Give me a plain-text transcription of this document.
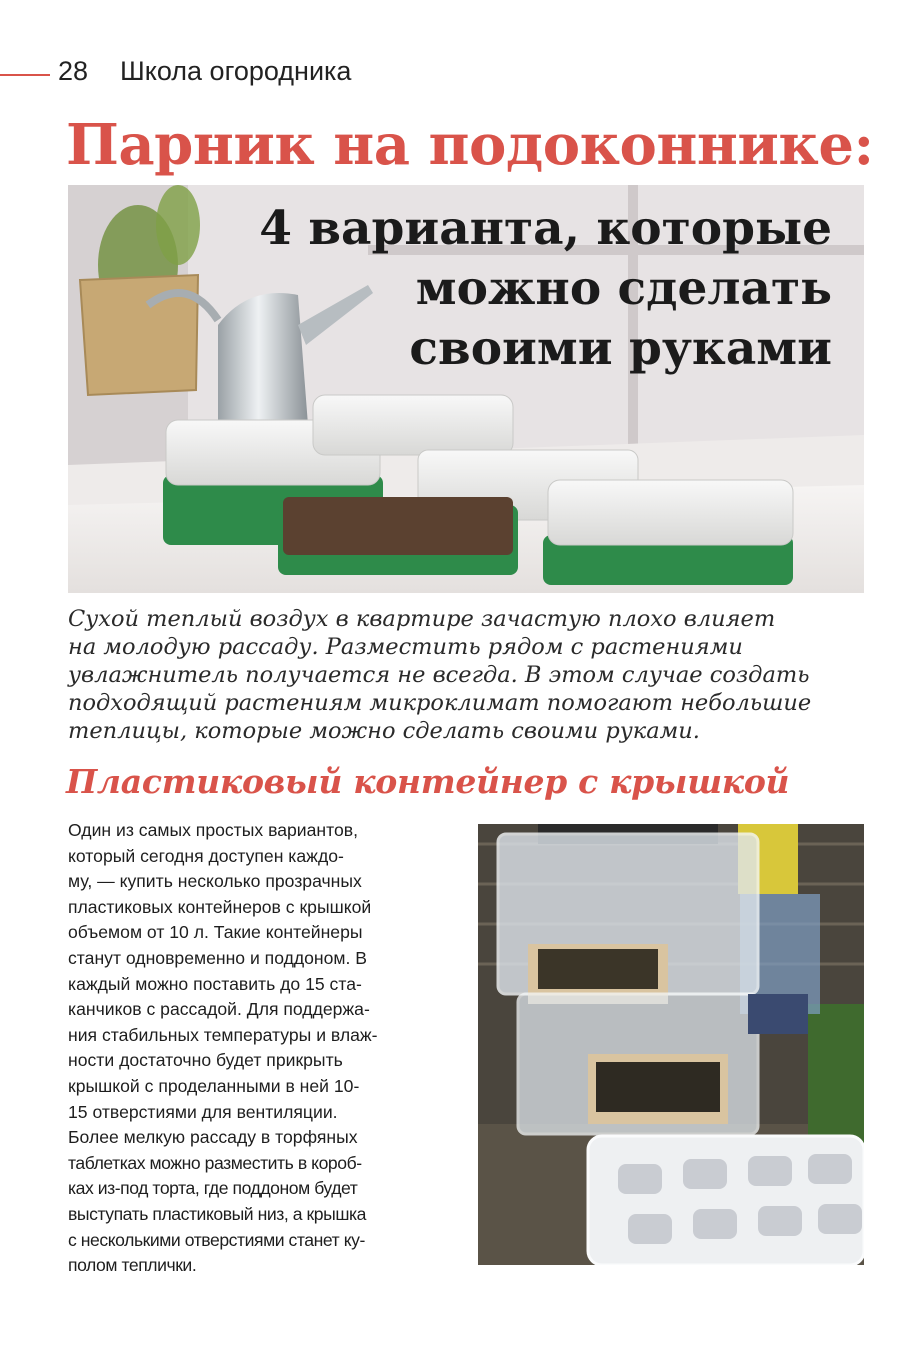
28 Школа огородника
Парник на подоконнике:
4 варианта, которые
можно сделать
своими руками

Сухой теплый воздух в квартире зачастую плохо влияет
на молодую рассаду. Разместить рядом с растениями
увлажнитель получается не всегда. В этом случае создать
подходящий растениям микроклимат помогают небольшие
теплицы, которые можно сделать своими руками.

Пластиковый контейнер с крышкой

Один из самых простых вариантов,
который сегодня доступен каждо-
му, — купить несколько прозрачных
пластиковых контейнеров с крышкой
объемом от 10 л. Такие контейнеры
станут одновременно и поддоном. В
каждый можно поставить до 15 ста-
канчиков с рассадой. Для поддержа-
ния стабильных температуры и влаж-
ности достаточно будет прикрыть
крышкой с проделанными в ней 10-
15 отверстиями для вентиляции.
Более мелкую рассаду в торфяных
таблетках можно разместить в короб-
ках из-под торта, где поддоном будет
выступать пластиковый низ, а крышка
с несколькими отверстиями станет ку-
полом теплички.
